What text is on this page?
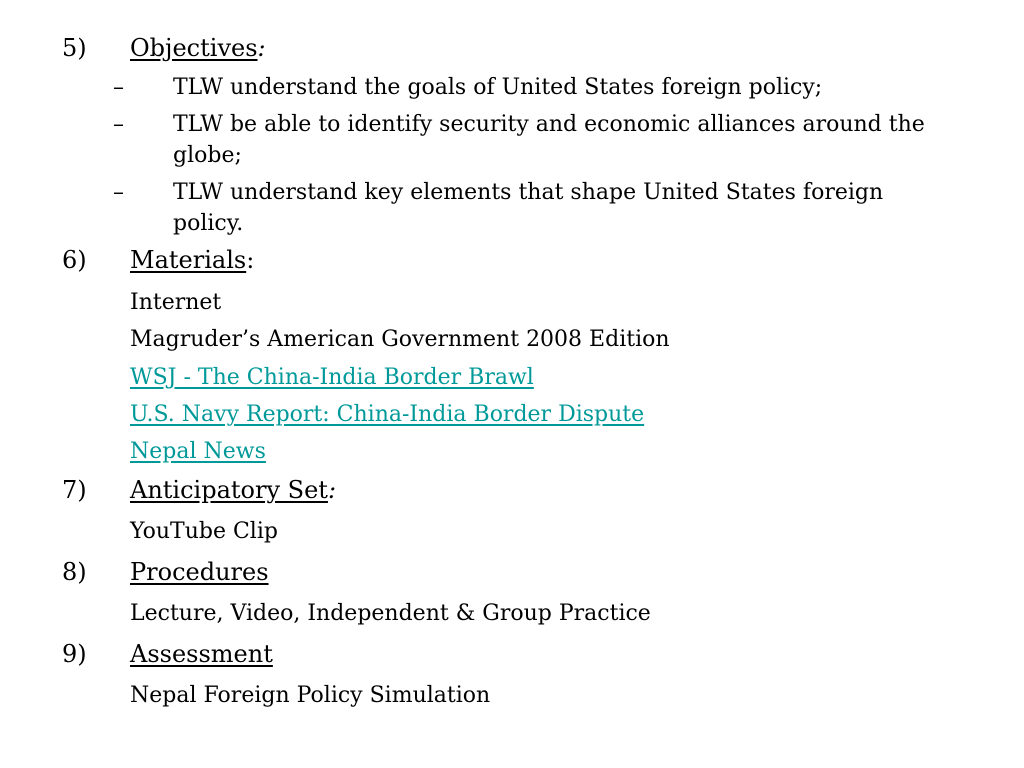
5) Objectives:
– TLW understand the goals of United States foreign policy;
– TLW be able to identify security and economic alliances around the globe;
– TLW understand key elements that shape United States foreign policy.
6) Materials:
Internet
Magruder’s American Government 2008 Edition
WSJ - The China-India Border Brawl
U.S. Navy Report: China-India Border Dispute
Nepal News
7) Anticipatory Set:
YouTube Clip
8) Procedures
Lecture, Video, Independent & Group Practice
9) Assessment
Nepal Foreign Policy Simulation
